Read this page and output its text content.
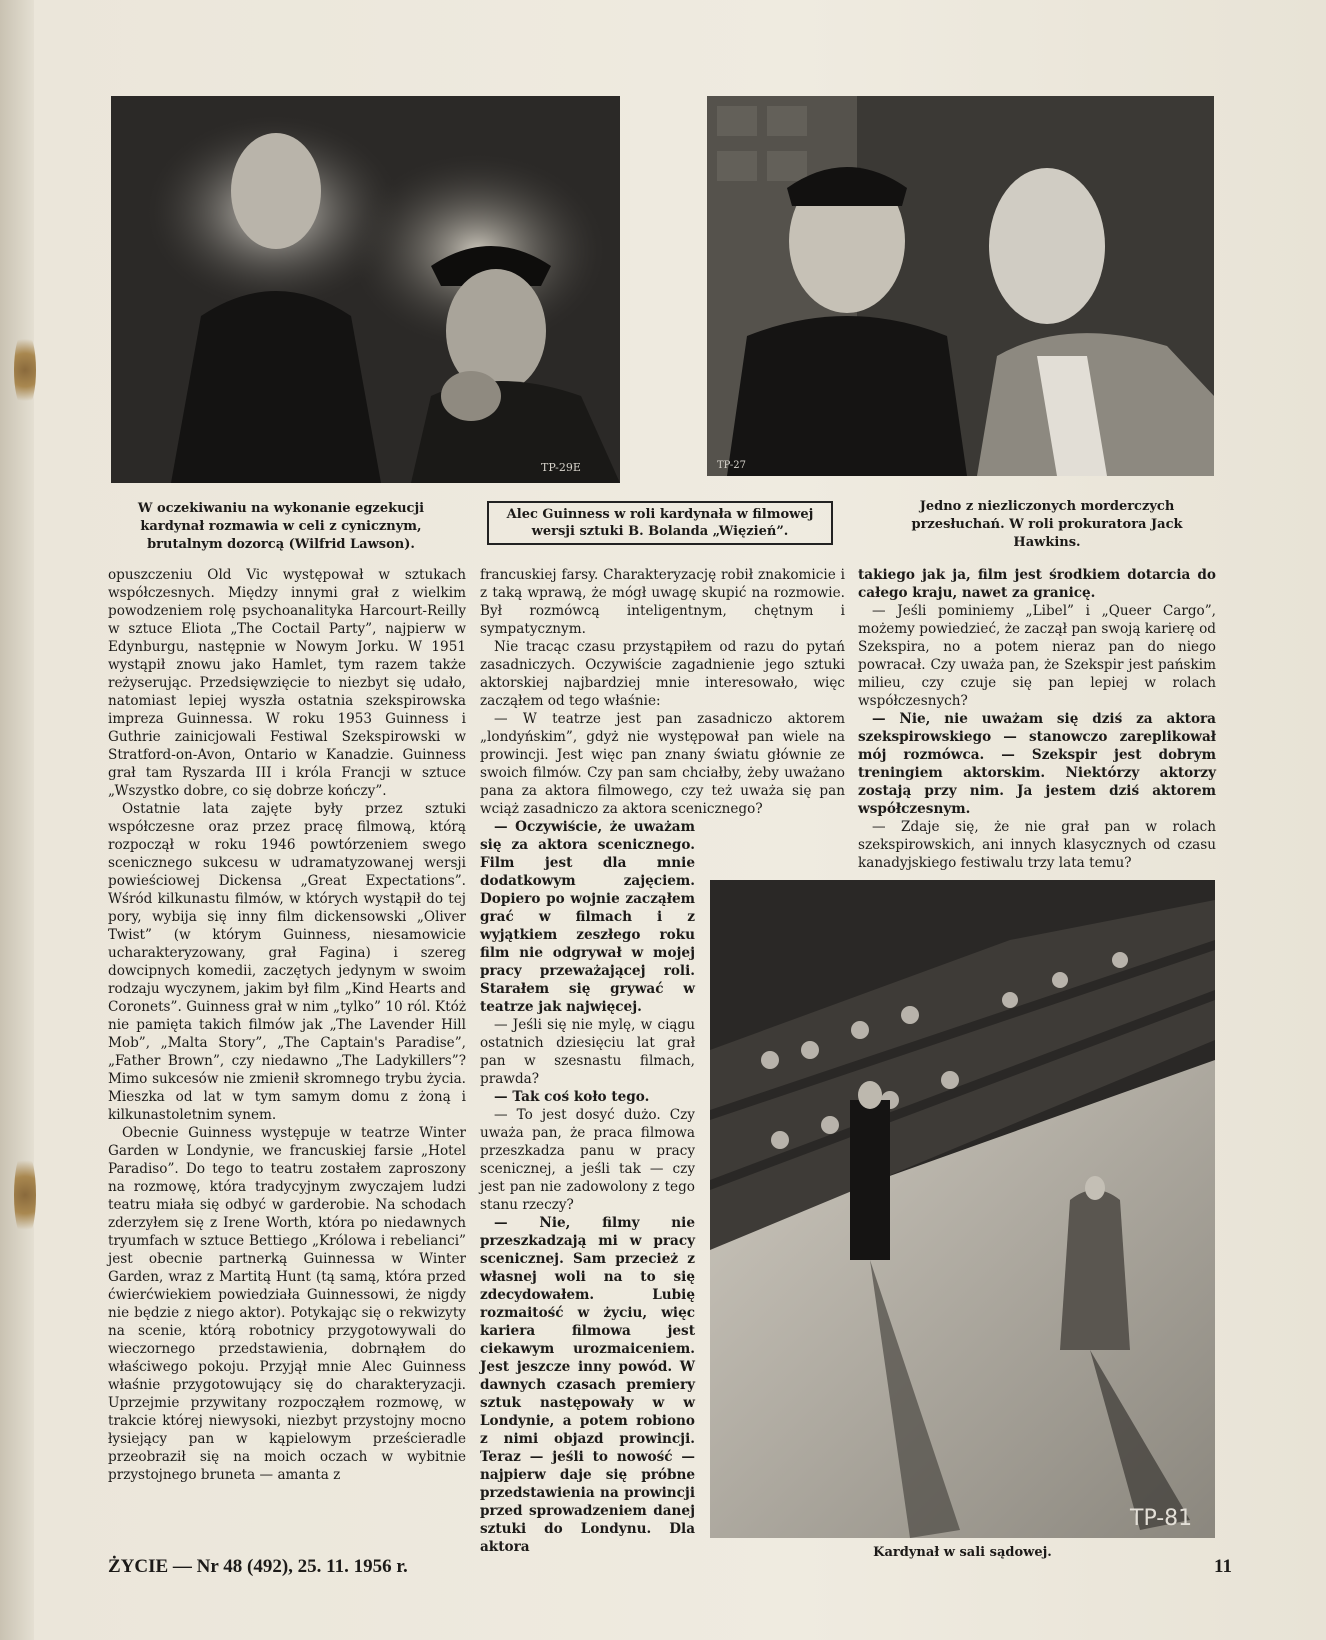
TP-29E	TP-27
W oczekiwaniu na wykonanie egzekucji kardynał rozmawia w celi z cynicznym, brutalnym dozorcą (Wilfrid Lawson).
Alec Guinness w roli kardynała w filmowej wersji sztuki B. Bolanda „Więzień”.
Jedno z niezliczonych morderczych przesłuchań. W roli prokuratora Jack Hawkins.

opuszczeniu Old Vic występował w sztukach współczesnych. Między innymi grał z wielkim powodzeniem rolę psychoanalityka Harcourt-Reilly w sztuce Eliota „The Coctail Party”, najpierw w Edynburgu, następnie w Nowym Jorku. W 1951 wystąpił znowu jako Hamlet, tym razem także reżyserując. Przedsięwzięcie to niezbyt się udało, natomiast lepiej wyszła ostatnia szekspirowska impreza Guinnessa. W roku 1953 Guinness i Guthrie zainicjowali Festiwal Szekspirowski w Stratford-on-Avon, Ontario w Kanadzie. Guinness grał tam Ryszarda III i króla Francji w sztuce „Wszystko dobre, co się dobrze kończy”.

Ostatnie lata zajęte były przez sztuki współczesne oraz przez pracę filmową, którą rozpoczął w roku 1946 powtórzeniem swego scenicznego sukcesu w udramatyzowanej wersji powieściowej Dickensa „Great Expectations”. Wśród kilkunastu filmów, w których wystąpił do tej pory, wybija się inny film dickensowski „Oliver Twist” (w którym Guinness, niesamowicie ucharakteryzowany, grał Fagina) i szereg dowcipnych komedii, zaczętych jedynym w swoim rodzaju wyczynem, jakim był film „Kind Hearts and Coronets”. Guinness grał w nim „tylko” 10 ról. Któż nie pamięta takich filmów jak „The Lavender Hill Mob”, „Malta Story”, „The Captain's Paradise”, „Father Brown”, czy niedawno „The Ladykillers”? Mimo sukcesów nie zmienił skromnego trybu życia. Mieszka od lat w tym samym domu z żoną i kilkunastoletnim synem.

Obecnie Guinness występuje w teatrze Winter Garden w Londynie, we francuskiej farsie „Hotel Paradiso”. Do tego to teatru zostałem zaproszony na rozmowę, która tradycyjnym zwyczajem ludzi teatru miała się odbyć w garderobie. Na schodach zderzyłem się z Irene Worth, która po niedawnych tryumfach w sztuce Bettiego „Królowa i rebelianci” jest obecnie partnerką Guinnessa w Winter Garden, wraz z Martitą Hunt (tą samą, która przed ćwierćwiekiem powiedziała Guinnessowi, że nigdy nie będzie z niego aktor). Potykając się o rekwizyty na scenie, którą robotnicy przygotowywali do wieczornego przedstawienia, dobrnąłem do właściwego pokoju. Przyjął mnie Alec Guinness właśnie przygotowujący się do charakteryzacji. Uprzejmie przywitany rozpocząłem rozmowę, w trakcie której niewysoki, niezbyt przystojny mocno łysiejący pan w kąpielowym prześcieradle przeobraził się na moich oczach w wybitnie przystojnego bruneta — amanta z

francuskiej farsy. Charakteryzację robił znakomicie i z taką wprawą, że mógł uwagę skupić na rozmowie. Był rozmówcą inteligentnym, chętnym i sympatycznym.

Nie tracąc czasu przystąpiłem od razu do pytań zasadniczych. Oczywiście zagadnienie jego sztuki aktorskiej najbardziej mnie interesowało, więc zacząłem od tego właśnie:

— W teatrze jest pan zasadniczo aktorem „londyńskim”, gdyż nie występował pan wiele na prowincji. Jest więc pan znany światu głównie ze swoich filmów. Czy pan sam chciałby, żeby uważano pana za aktora filmowego, czy też uważa się pan wciąż zasadniczo za aktora scenicznego?

— Oczywiście, że uważam się za aktora scenicznego. Film jest dla mnie dodatkowym zajęciem. Dopiero po wojnie zacząłem grać w filmach i z wyjątkiem zeszłego roku film nie odgrywał w mojej pracy przeważającej roli. Starałem się grywać w teatrze jak najwięcej.

— Jeśli się nie mylę, w ciągu ostatnich dziesięciu lat grał pan w szesnastu filmach, prawda?

— Tak coś koło tego.

— To jest dosyć dużo. Czy uważa pan, że praca filmowa przeszkadza panu w pracy scenicznej, a jeśli tak — czy jest pan nie zadowolony z tego stanu rzeczy?

— Nie, filmy nie przeszkadzają mi w pracy scenicznej. Sam przecież z własnej woli na to się zdecydowałem. Lubię rozmaitość w życiu, więc kariera filmowa jest ciekawym urozmaiceniem. Jest jeszcze inny powód. W dawnych czasach premiery sztuk następowały w w Londynie, a potem robiono z nimi objazd prowincji. Teraz — jeśli to nowość — najpierw daje się próbne przedstawienia na prowincji przed sprowadzeniem danej sztuki do Londynu. Dla aktora

takiego jak ja, film jest środkiem dotarcia do całego kraju, nawet za granicę.

— Jeśli pominiemy „Libel” i „Queer Cargo”, możemy powiedzieć, że zaczął pan swoją karierę od Szekspira, no a potem nieraz pan do niego powracał. Czy uważa pan, że Szekspir jest pańskim milieu, czy czuje się pan lepiej w rolach współczesnych?

— Nie, nie uważam się dziś za aktora szekspirowskiego — stanowczo zareplikował mój rozmówca. — Szekspir jest dobrym treningiem aktorskim. Niektórzy aktorzy zostają przy nim. Ja jestem dziś aktorem współczesnym.

— Zdaje się, że nie grał pan w rolach szekspirowskich, ani innych klasycznych od czasu kanadyjskiego festiwalu trzy lata temu?

TP-81
Kardynał w sali sądowej.
ŻYCIE — Nr 48 (492), 25. 11. 1956 r.	11
